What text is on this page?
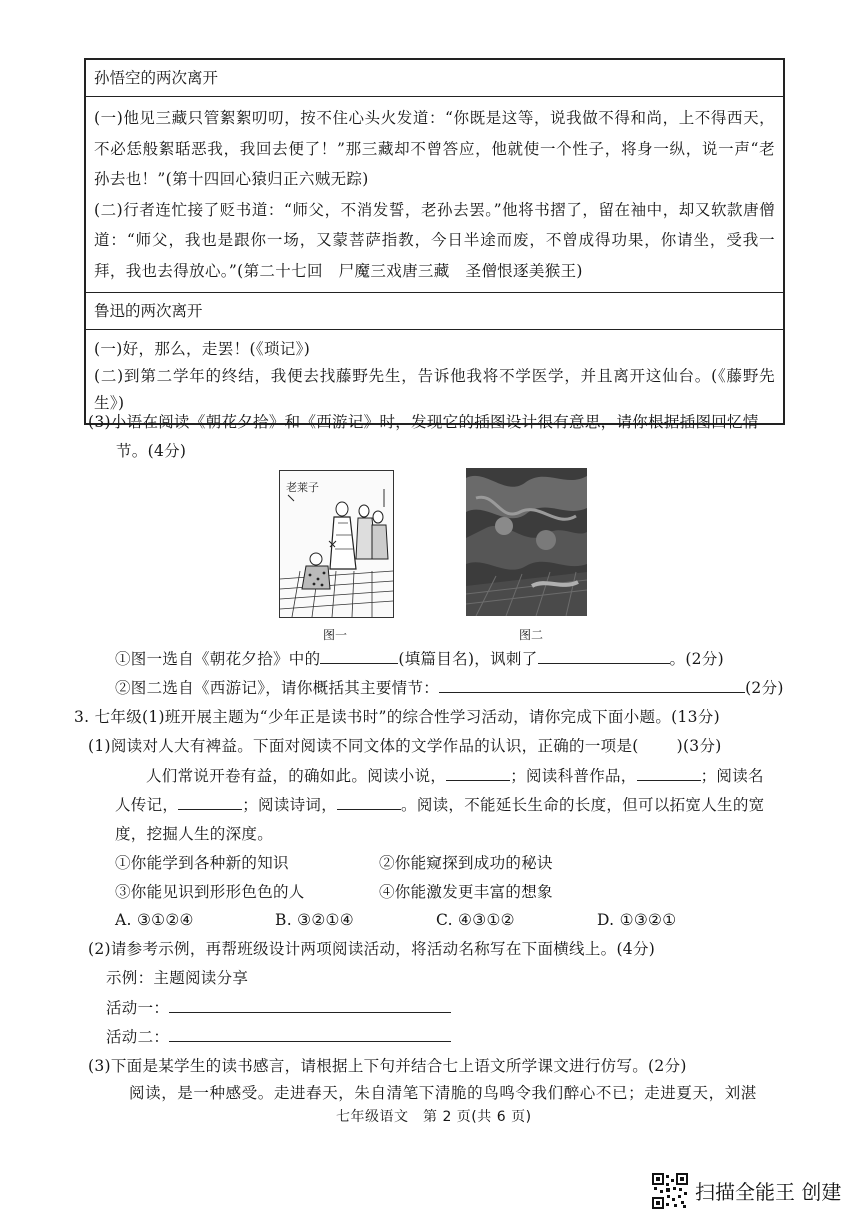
孙悟空的两次离开

(一)他见三藏只管絮絮叨叨，按不住心头火发道：“你既是这等，说我做不得和尚，上不得西天，不必恁般絮聒恶我，我回去便了！”那三藏却不曾答应，他就使一个性子，将身一纵，说一声“老孙去也！”(第十四回心猿归正六贼无踪)

(二)行者连忙接了贬书道：“师父，不消发誓，老孙去罢。”他将书摺了，留在袖中，却又软款唐僧道：“师父，我也是跟你一场，又蒙菩萨指教，今日半途而废，不曾成得功果，你请坐，受我一拜，我也去得放心。”(第二十七回　尸魔三戏唐三藏　圣僧恨逐美猴王)

鲁迅的两次离开

(一)好，那么，走罢！(《琐记》)

(二)到第二学年的终结，我便去找藤野先生，告诉他我将不学医学，并且离开这仙台。(《藤野先生》)

(3)小语在阅读《朝花夕拾》和《西游记》时，发现它的插图设计很有意思，请你根据插图回忆情

节。(4分)

老莱子
图一	图二

①图一选自《朝花夕拾》中的	(填篇目名)，讽刺了	。(2分)

②图二选自《西游记》，请你概括其主要情节：	(2分)

3. 七年级(1)班开展主题为“少年正是读书时”的综合性学习活动，请你完成下面小题。(13分)

(1)阅读对人大有裨益。下面对阅读不同文体的文学作品的认识，正确的一项是( )(3分)

人们常说开卷有益，的确如此。阅读小说，	；阅读科普作品，	；阅读名

人传记，	；阅读诗词，	。阅读，不能延长生命的长度，但可以拓宽人生的宽

度，挖掘人生的深度。

①你能学到各种新的知识	②你能窥探到成功的秘诀

③你能见识到形形色色的人	④你能激发更丰富的想象

A. ③①②④	B. ③②①④	C. ④③①②	D. ①③②①

(2)请参考示例，再帮班级设计两项阅读活动，将活动名称写在下面横线上。(4分)

示例：主题阅读分享

活动一：

活动二：

(3)下面是某学生的读书感言，请根据上下句并结合七上语文所学课文进行仿写。(2分)

阅读，是一种感受。走进春天，朱自清笔下清脆的鸟鸣令我们醉心不已；走进夏天，刘湛

七年级语文　第 2 页(共 6 页)
扫描全能王 创建
